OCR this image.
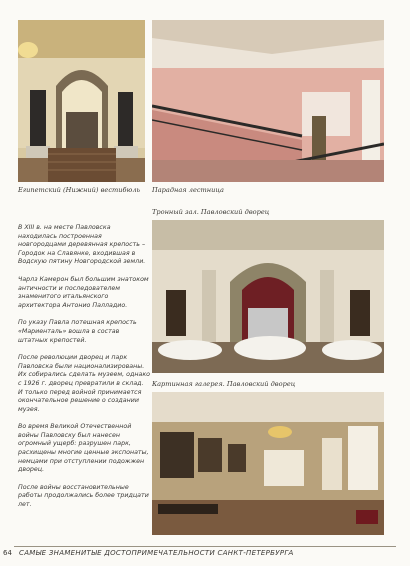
Египетский (Нижний) вестибюль Парадная лестница
Тронный зал. Павловский дворец
Картинная галерея. Павловский дворец

В XIII в. на месте Павловска находилась построенная новгородцами деревянная крепость – Городок на Славянке, входившая в Водскую пятину Новгородской земли.

Чарлз Камерон был большим знатоком античности и последователем знаменитого итальянского архитектора Антонио Палладио.

По указу Павла потешная крепость «Мариенталь» вошла в состав штатных крепостей.

После революции дворец и парк Павловска были национализированы. Их собирались сделать музеем, однако с 1926 г. дворец превратили в склад. И только перед войной принимается окончательное решение о создании музея.

Во время Великой Отечественной войны Павловску был нанесен огромный ущерб: разрушен парк, расхищены многие ценные экспонаты, немцами при отступлении подожжен дворец.

После войны восстановительные работы продолжались более тридцати лет.

64 САМЫЕ ЗНАМЕНИТЫЕ ДОСТОПРИМЕЧАТЕЛЬНОСТИ САНКТ-ПЕТЕРБУРГА
